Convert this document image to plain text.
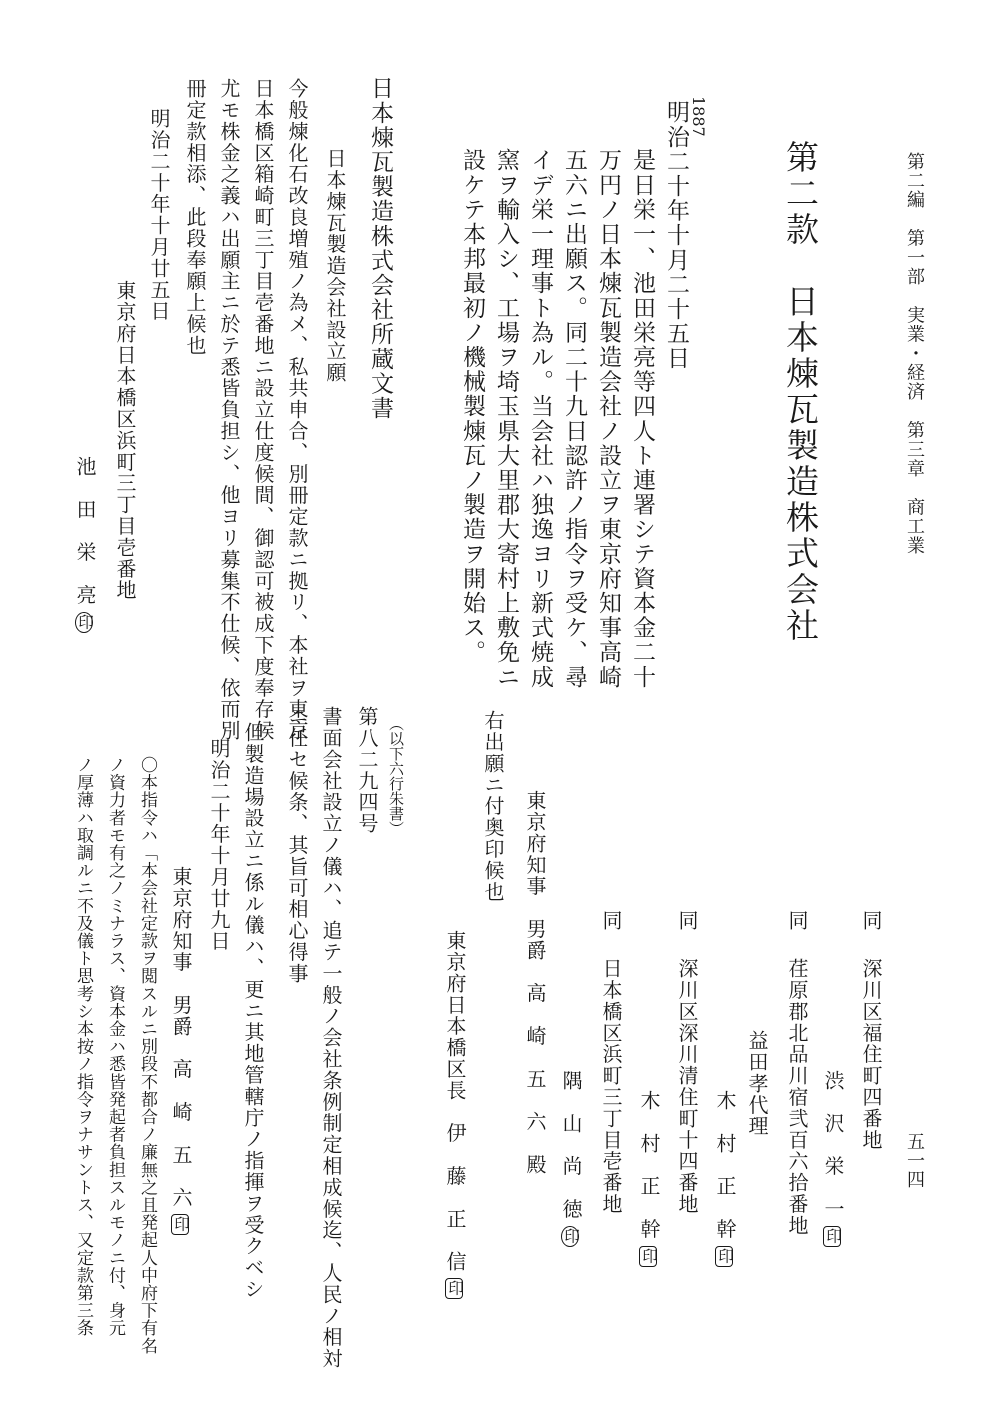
第二編　第一部　実業・経済　第三章　商工業
五一四
第二款　日本煉瓦製造株式会社
1887
明治二十年十月二十五日
是日栄一、池田栄亮等四人ト連署シテ資本金二十
万円ノ日本煉瓦製造会社ノ設立ヲ東京府知事高崎
五六ニ出願ス。同二十九日認許ノ指令ヲ受ケ、尋
イデ栄一理事ト為ル。当会社ハ独逸ヨリ新式焼成
窯ヲ輸入シ、工場ヲ埼玉県大里郡大寄村上敷免ニ
設ケテ本邦最初ノ機械製煉瓦ノ製造ヲ開始ス。
日本煉瓦製造株式会社所蔵文書
日本煉瓦製造会社設立願
今般煉化石改良増殖ノ為メ、私共申合、別冊定款ニ拠リ、本社ヲ東京
日本橋区箱崎町三丁目壱番地ニ設立仕度候間、御認可被成下度奉存候
尤モ株金之義ハ出願主ニ於テ悉皆負担シ、他ヨリ募集不仕候、依而別
冊定款相添、此段奉願上候也
明治二十年十月廿五日
東京府日本橋区浜町三丁目壱番地
池　田　栄　亮印
同
深川区福住町四番地
渋　沢　栄　一印
同
荏原郡北品川宿弐百六拾番地
益田孝代理
木　村　正　幹印
同
深川区深川清住町十四番地
木　村　正　幹印
同
日本橋区浜町三丁目壱番地
隅　山　尚　徳印
東京府知事　男爵　高　崎　五　六　殿
右出願ニ付奥印候也
東京府日本橋区長　伊　藤　正　信印
（以下六行朱書）
第八二九四号
書面会社設立ノ儀ハ、追テ一般ノ会社条例制定相成候迄、人民ノ相対
ニ任セ候条、其旨可相心得事
但製造場設立ニ係ル儀ハ、更ニ其地管轄庁ノ指揮ヲ受クベシ
明治二十年十月廿九日
東京府知事　男爵　高　崎　五　六印
〇本指令ハ「本会社定款ヲ閲スルニ別段不都合ノ廉無之且発起人中府下有名
ノ資力者モ有之ノミナラス、資本金ハ悉皆発起者負担スルモノニ付、身元
ノ厚薄ハ取調ルニ不及儀ト思考シ本按ノ指令ヲナサントス、又定款第三条
